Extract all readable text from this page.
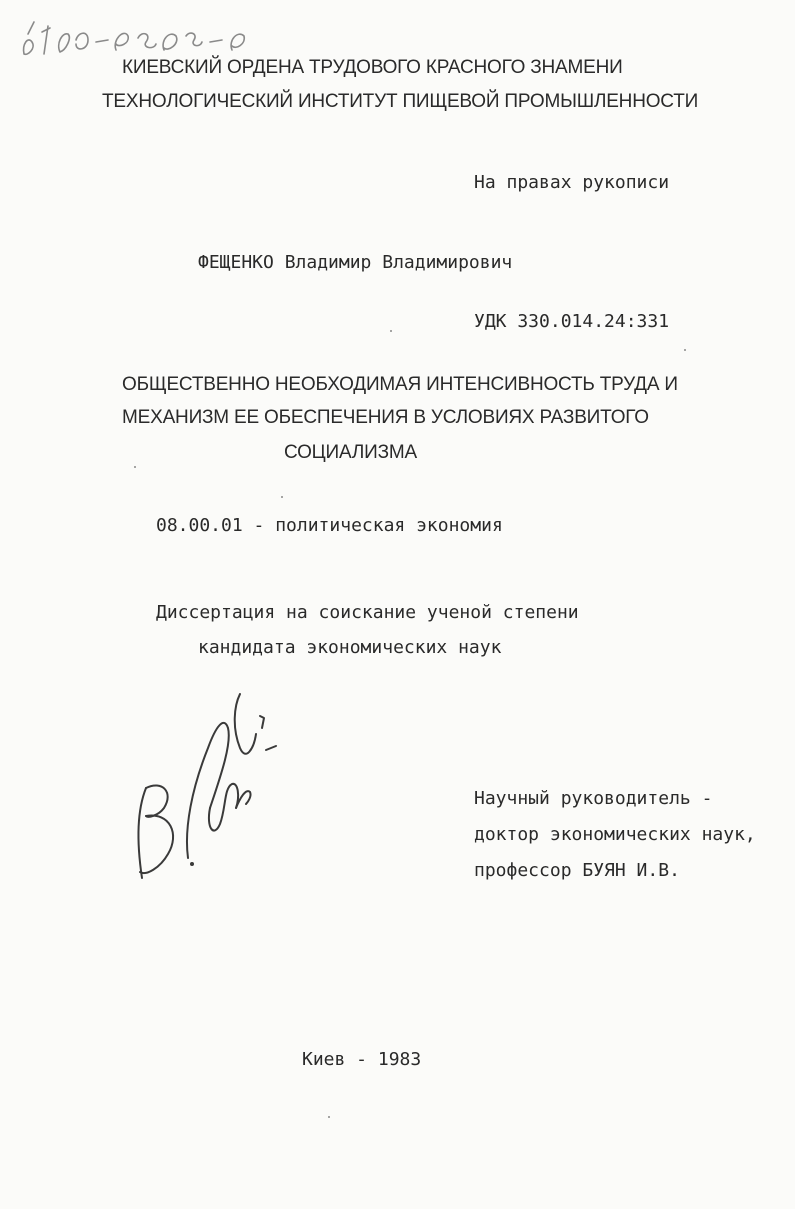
КИЕВСКИЙ ОРДЕНА ТРУДОВОГО КРАСНОГО ЗНАМЕНИ
ТЕХНОЛОГИЧЕСКИЙ ИНСТИТУТ ПИЩЕВОЙ ПРОМЫШЛЕННОСТИ
На правах рукописи
ФЕЩЕНКО Владимир Владимирович
УДК 330.014.24:331
ОБЩЕСТВЕННО НЕОБХОДИМАЯ ИНТЕНСИВНОСТЬ ТРУДА И
МЕХАНИЗМ ЕЕ ОБЕСПЕЧЕНИЯ В УСЛОВИЯХ РАЗВИТОГО
СОЦИАЛИЗМА
08.00.01 - политическая экономия
Диссертация на соискание ученой степени
кандидата экономических наук
Научный руководитель -
доктор экономических наук,
профессор БУЯН И.В.
Киев - 1983
